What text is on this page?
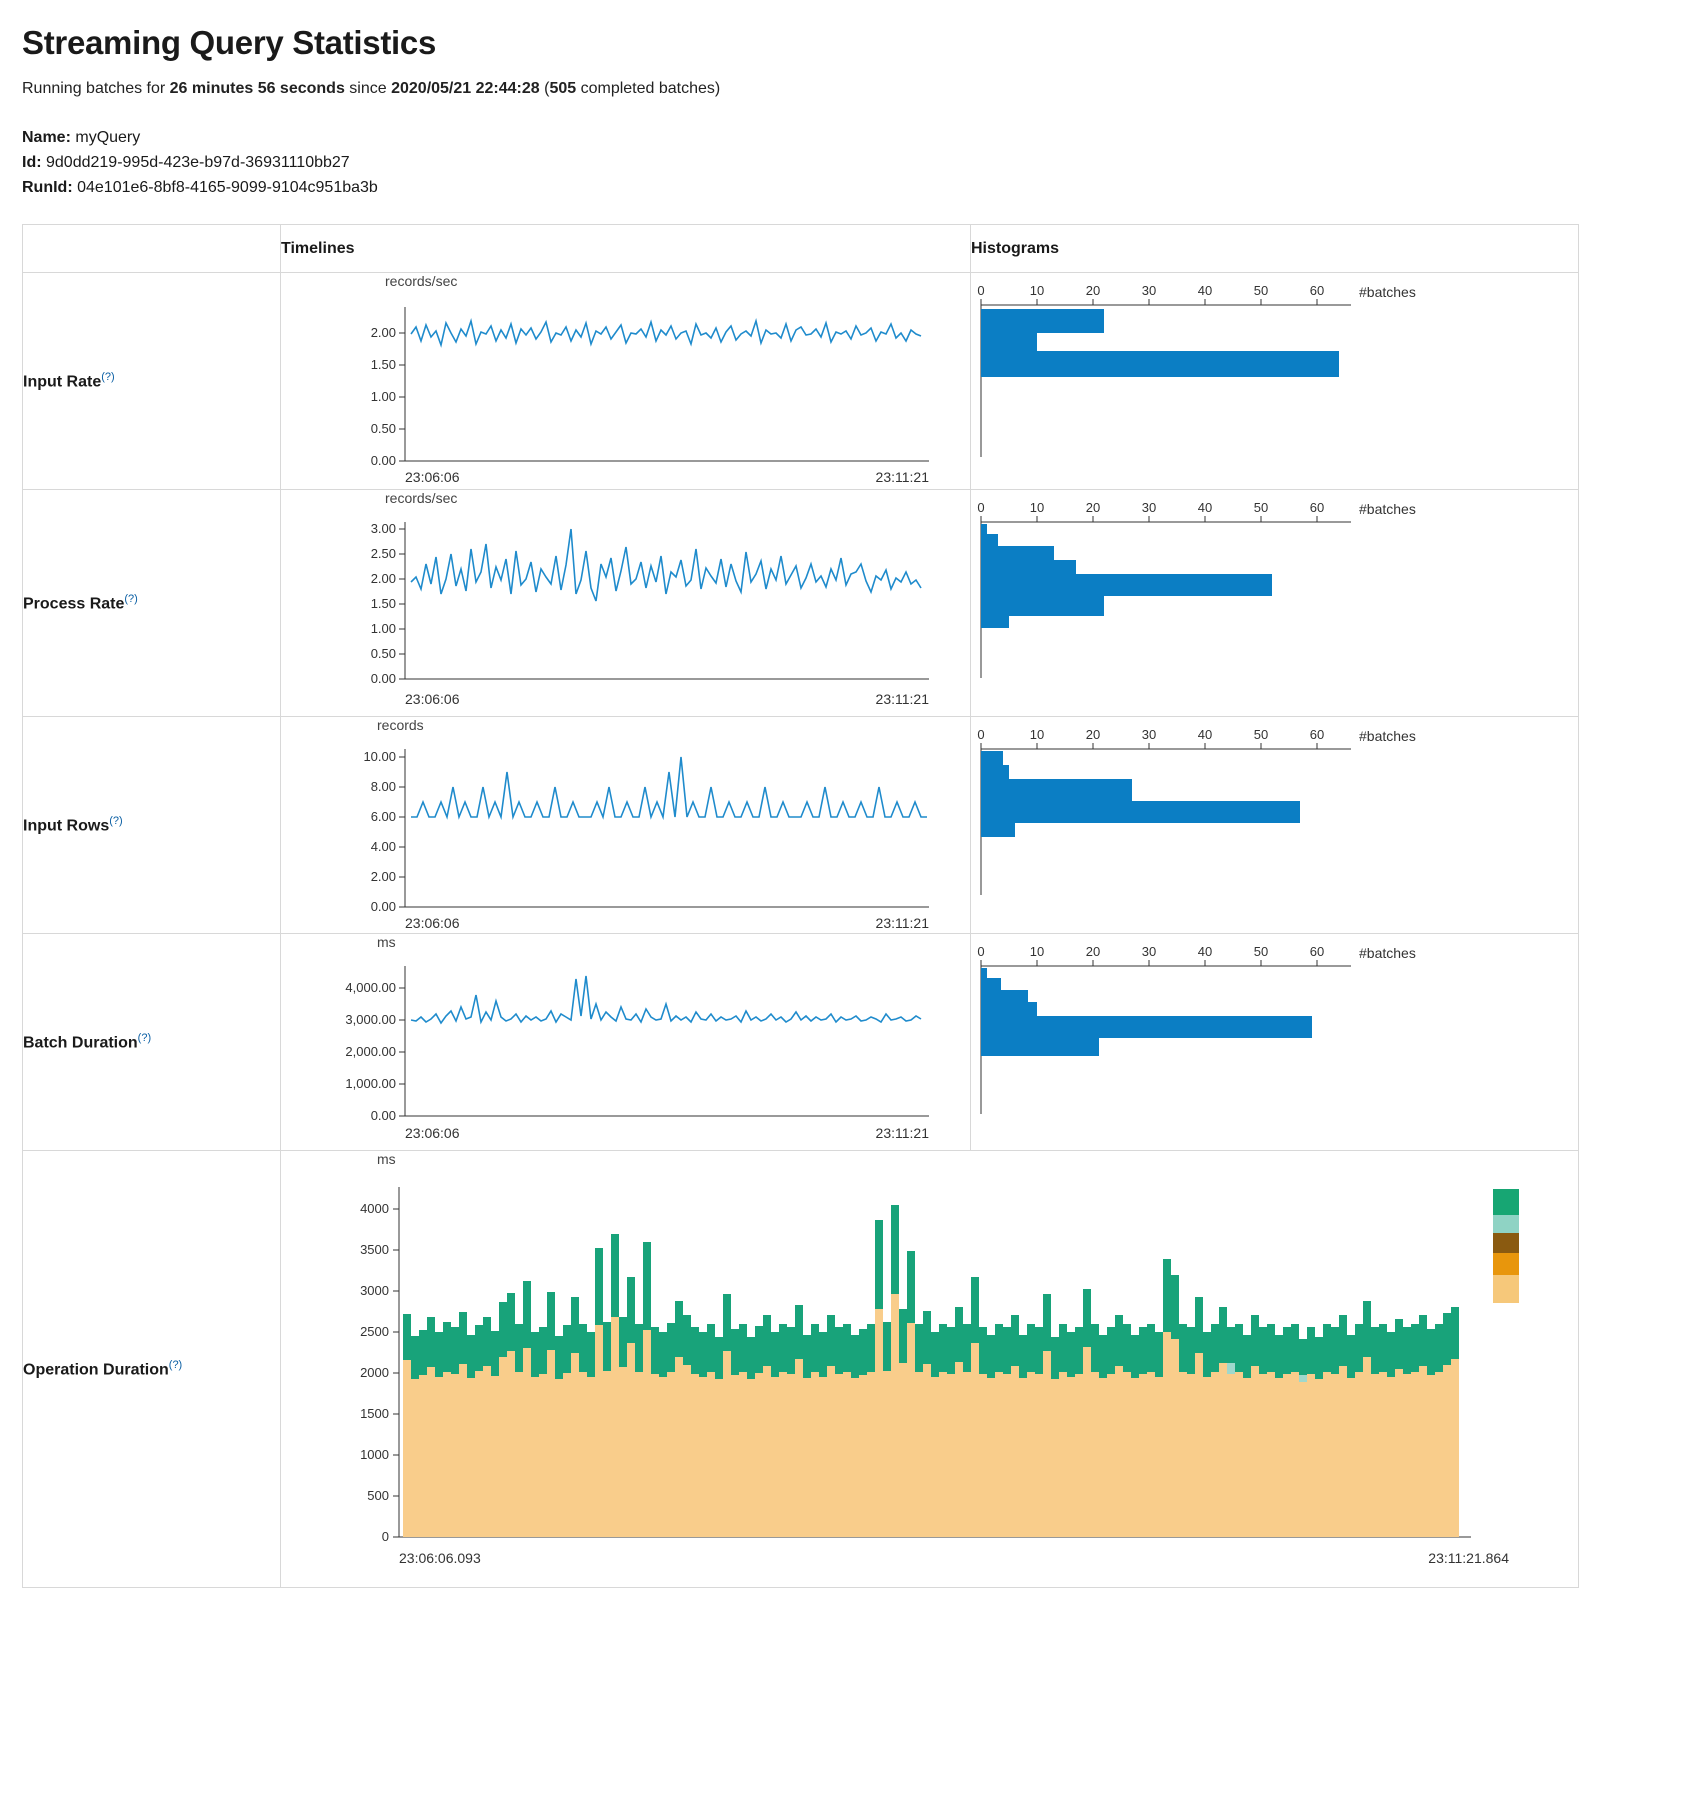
Streaming Query Statistics
Running batches for 26 minutes 56 seconds since 2020/05/21 22:44:28 (505 completed batches)
Name: myQuery
Id: 9d0dd219-995d-423e-b97d-36931110bb27
RunId: 04e101e6-8bf8-4165-9099-9104c951ba3b
	Timelines	Histograms
Input Rate(?)	
records/sec
2.00
1.50
1.00
0.50
0.00
23:06:06	23:11:21

0	10	20	30	40	50	60 #batches

Process Rate(?)	
records/sec
3.00
2.50
2.00
1.50
1.00
0.50
0.00
23:06:06	23:11:21

0	10	20	30	40	50	60 #batches

Input Rows(?)	
records
10.00
8.00
6.00
4.00
2.00
0.00
23:06:06	23:11:21

0	10	20	30	40	50	60 #batches

Batch Duration(?)	
ms
4,000.00
3,000.00
2,000.00
1,000.00
0.00
23:06:06	23:11:21

0	10	20	30	40	50	60 #batches

Operation Duration(?)	
ms
4000
3500
3000
2500
2000
1500
1000
500
0
23:06:06.093	23:11:21.864
